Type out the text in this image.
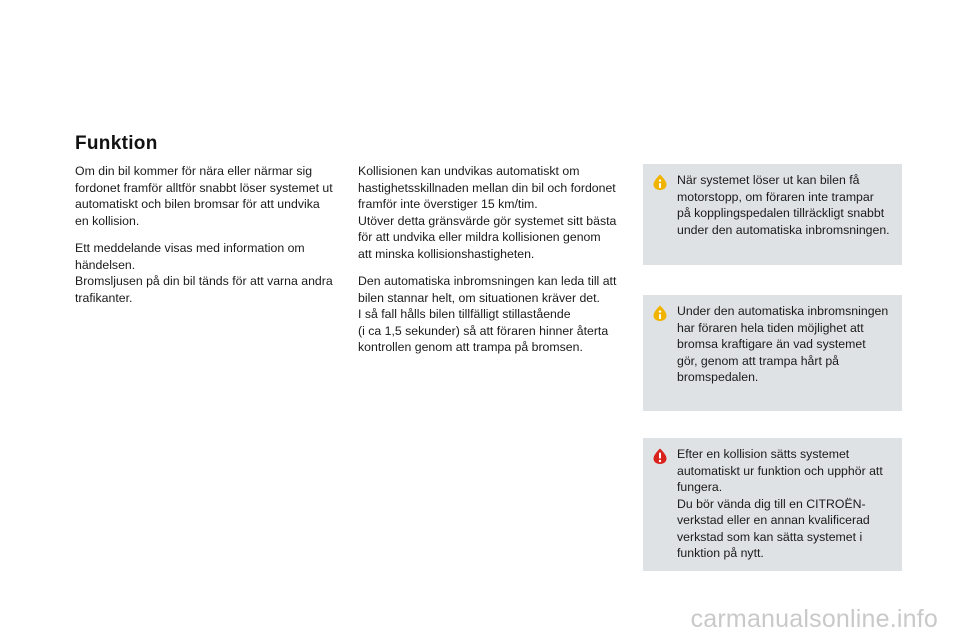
Funktion

Om din bil kommer för nära eller närmar sig
fordonet framför alltför snabbt löser systemet ut
automatiskt och bilen bromsar för att undvika
en kollision.

Ett meddelande visas med information om
händelsen.
Bromsljusen på din bil tänds för att varna andra
trafikanter.

Kollisionen kan undvikas automatiskt om
hastighetsskillnaden mellan din bil och fordonet
framför inte överstiger 15 km/tim.
Utöver detta gränsvärde gör systemet sitt bästa
för att undvika eller mildra kollisionen genom
att minska kollisionshastigheten.

Den automatiska inbromsningen kan leda till att
bilen stannar helt, om situationen kräver det.
I så fall hålls bilen tillfälligt stillastående
(i ca 1,5 sekunder) så att föraren hinner återta
kontrollen genom att trampa på bromsen.

När systemet löser ut kan bilen få
motorstopp, om föraren inte trampar
på kopplingspedalen tillräckligt snabbt
under den automatiska inbromsningen.
Under den automatiska inbromsningen
har föraren hela tiden möjlighet att
bromsa kraftigare än vad systemet
gör, genom att trampa hårt på
bromspedalen.
Efter en kollision sätts systemet
automatiskt ur funktion och upphör att
fungera.
Du bör vända dig till en CITROËN-
verkstad eller en annan kvalificerad
verkstad som kan sätta systemet i
funktion på nytt.
carmanualsonline.info
